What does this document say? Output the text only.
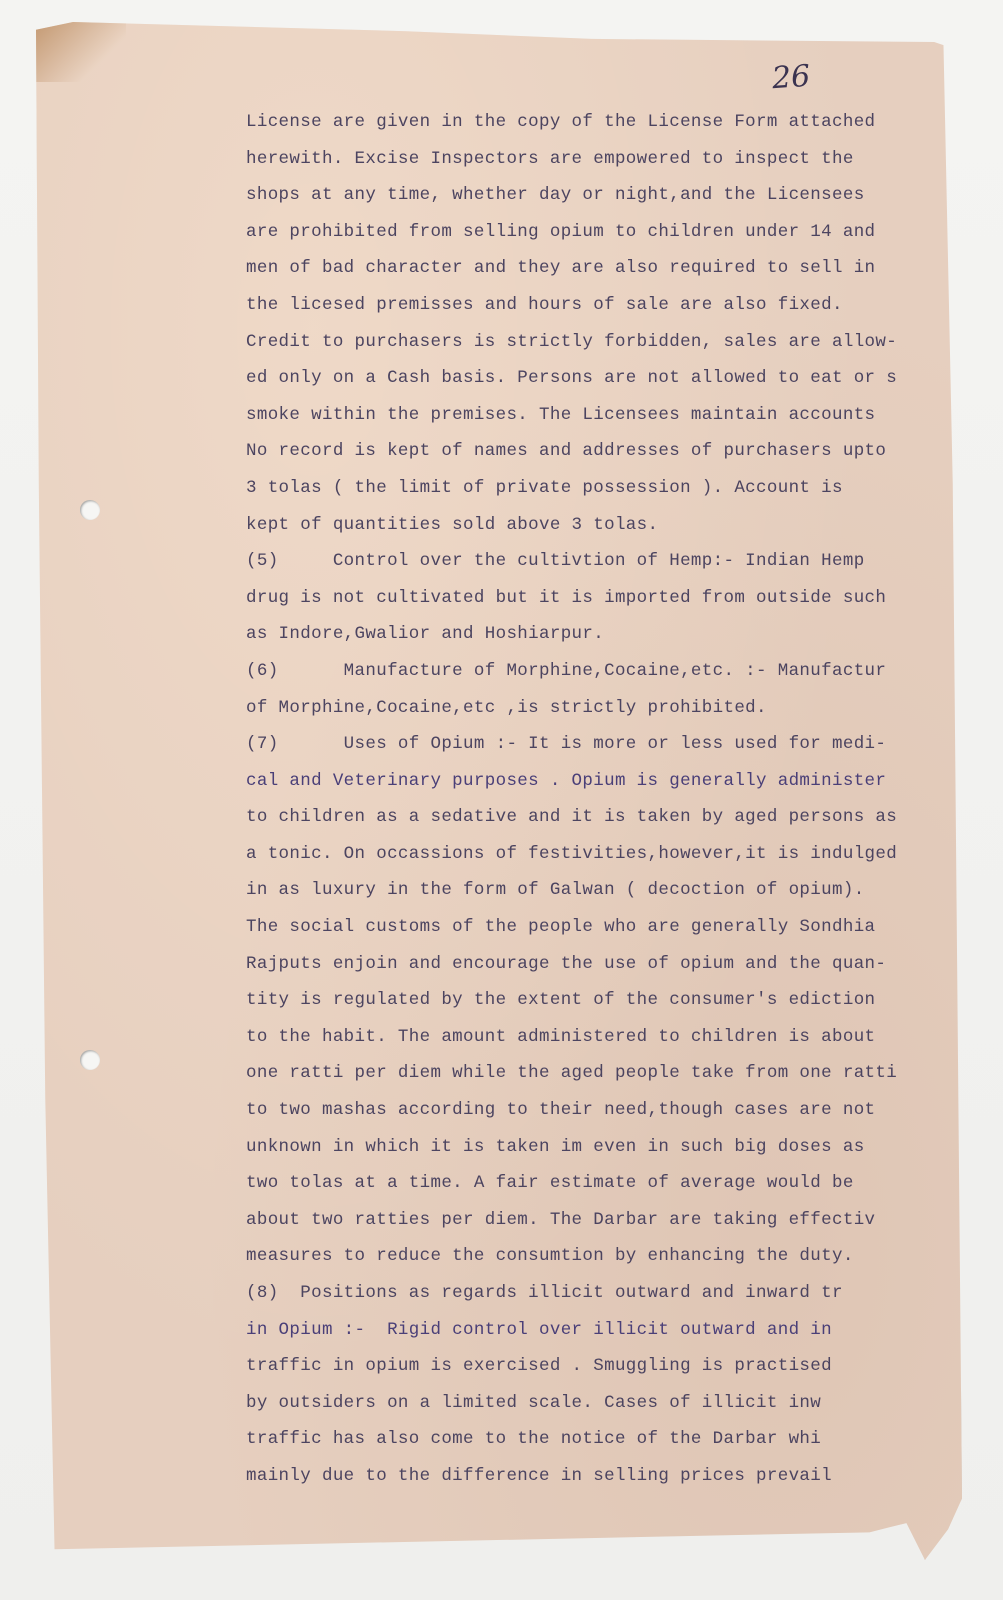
26
License are given in the copy of the License Form attached
herewith. Excise Inspectors are empowered to inspect the
shops at any time, whether day or night,and the Licensees
are prohibited from selling opium to children under 14 and
men of bad character and they are also required to sell in
the licesed premisses and hours of sale are also fixed.
Credit to purchasers is strictly forbidden, sales are allow-
ed only on a Cash basis. Persons are not allowed to eat or s
smoke within the premises. The Licensees maintain accounts
No record is kept of names and addresses of purchasers upto
3 tolas ( the limit of private possession ). Account is
kept of quantities sold above 3 tolas.
(5)     Control over the cultivtion of Hemp:- Indian Hemp
drug is not cultivated but it is imported from outside such
as Indore,Gwalior and Hoshiarpur.
(6)      Manufacture of Morphine,Cocaine,etc. :- Manufactur
of Morphine,Cocaine,etc ,is strictly prohibited.
(7)      Uses of Opium :- It is more or less used for medi-
cal and Veterinary purposes . Opium is generally administer
to children as a sedative and it is taken by aged persons as
a tonic. On occassions of festivities,however,it is indulged
in as luxury in the form of Galwan ( decoction of opium).
The social customs of the people who are generally Sondhia
Rajputs enjoin and encourage the use of opium and the quan-
tity is regulated by the extent of the consumer's ediction
to the habit. The amount administered to children is about
one ratti per diem while the aged people take from one ratti
to two mashas according to their need,though cases are not
unknown in which it is taken im even in such big doses as
two tolas at a time. A fair estimate of average would be
about two ratties per diem. The Darbar are taking effectiv
measures to reduce the consumtion by enhancing the duty.
(8)  Positions as regards illicit outward and inward tr
in Opium :-  Rigid control over illicit outward and in
traffic in opium is exercised . Smuggling is practised
by outsiders on a limited scale. Cases of illicit inw
traffic has also come to the notice of the Darbar whi
mainly due to the difference in selling prices prevail
